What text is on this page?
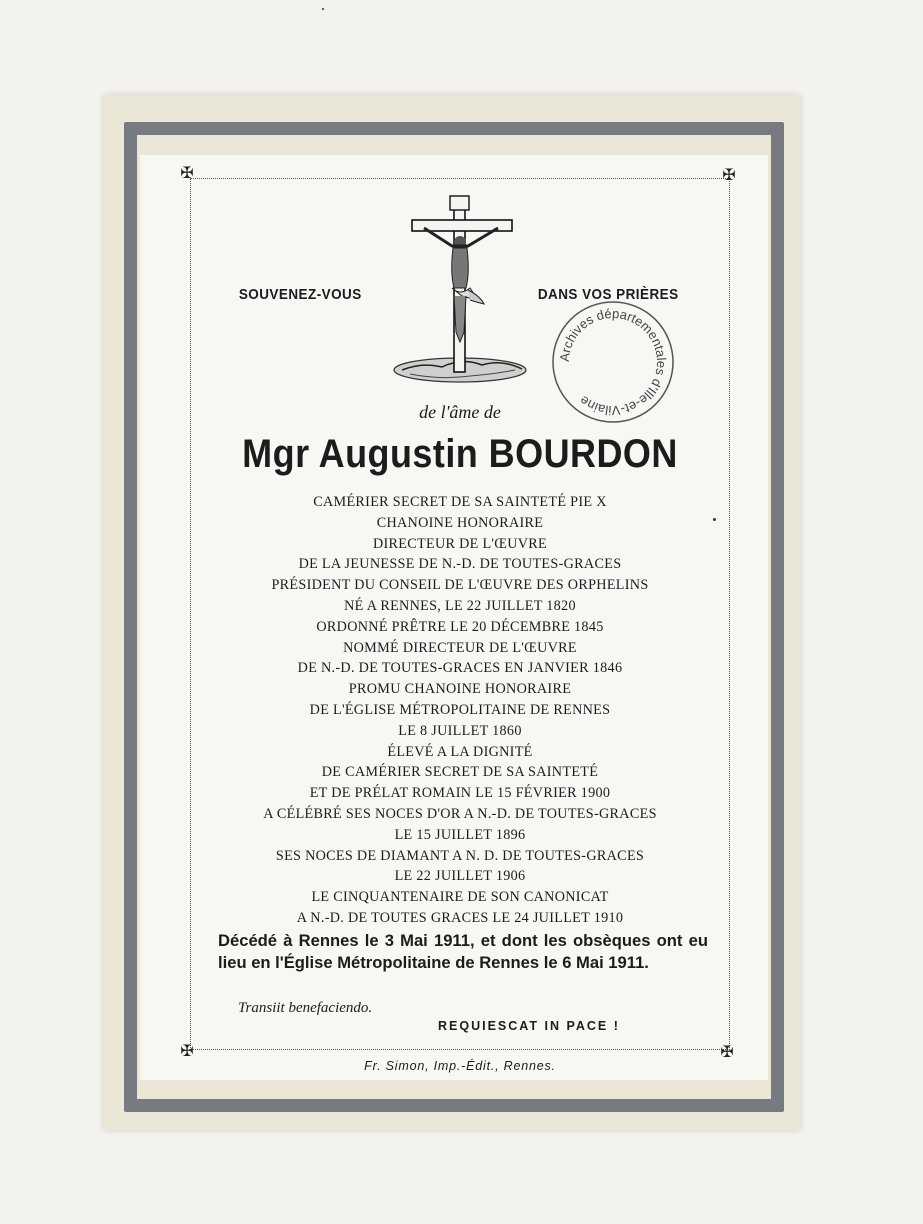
✠	✠
✠	✠
SOUVENEZ-VOUS	DANS VOS PRIÈRES
Archives départementales d'Ille-et-Vilaine
de l'âme de
Mgr Augustin BOURDON
CAMÉRIER SECRET DE SA SAINTETÉ PIE X
CHANOINE HONORAIRE
DIRECTEUR DE L'ŒUVRE
DE LA JEUNESSE DE N.-D. DE TOUTES-GRACES
PRÉSIDENT DU CONSEIL DE L'ŒUVRE DES ORPHELINS
NÉ A RENNES, LE 22 JUILLET 1820
ORDONNÉ PRÊTRE LE 20 DÉCEMBRE 1845
NOMMÉ DIRECTEUR DE L'ŒUVRE
DE N.-D. DE TOUTES-GRACES EN JANVIER 1846
PROMU CHANOINE HONORAIRE
DE L'ÉGLISE MÉTROPOLITAINE DE RENNES
LE 8 JUILLET 1860
ÉLEVÉ A LA DIGNITÉ
DE CAMÉRIER SECRET DE SA SAINTETÉ
ET DE PRÉLAT ROMAIN LE 15 FÉVRIER 1900
A CÉLÉBRÉ SES NOCES D'OR A N.-D. DE TOUTES-GRACES
LE 15 JUILLET 1896
SES NOCES DE DIAMANT A N. D. DE TOUTES-GRACES
LE 22 JUILLET 1906
LE CINQUANTENAIRE DE SON CANONICAT
A N.-D. DE TOUTES GRACES LE 24 JUILLET 1910
Décédé à Rennes le 3 Mai 1911, et dont les obsèques ont eu lieu en l'Église Métropolitaine de Rennes le 6 Mai 1911.
Transiit benefaciendo.
REQUIESCAT IN PACE !
Fr. Simon, Imp.-Édit., Rennes.
